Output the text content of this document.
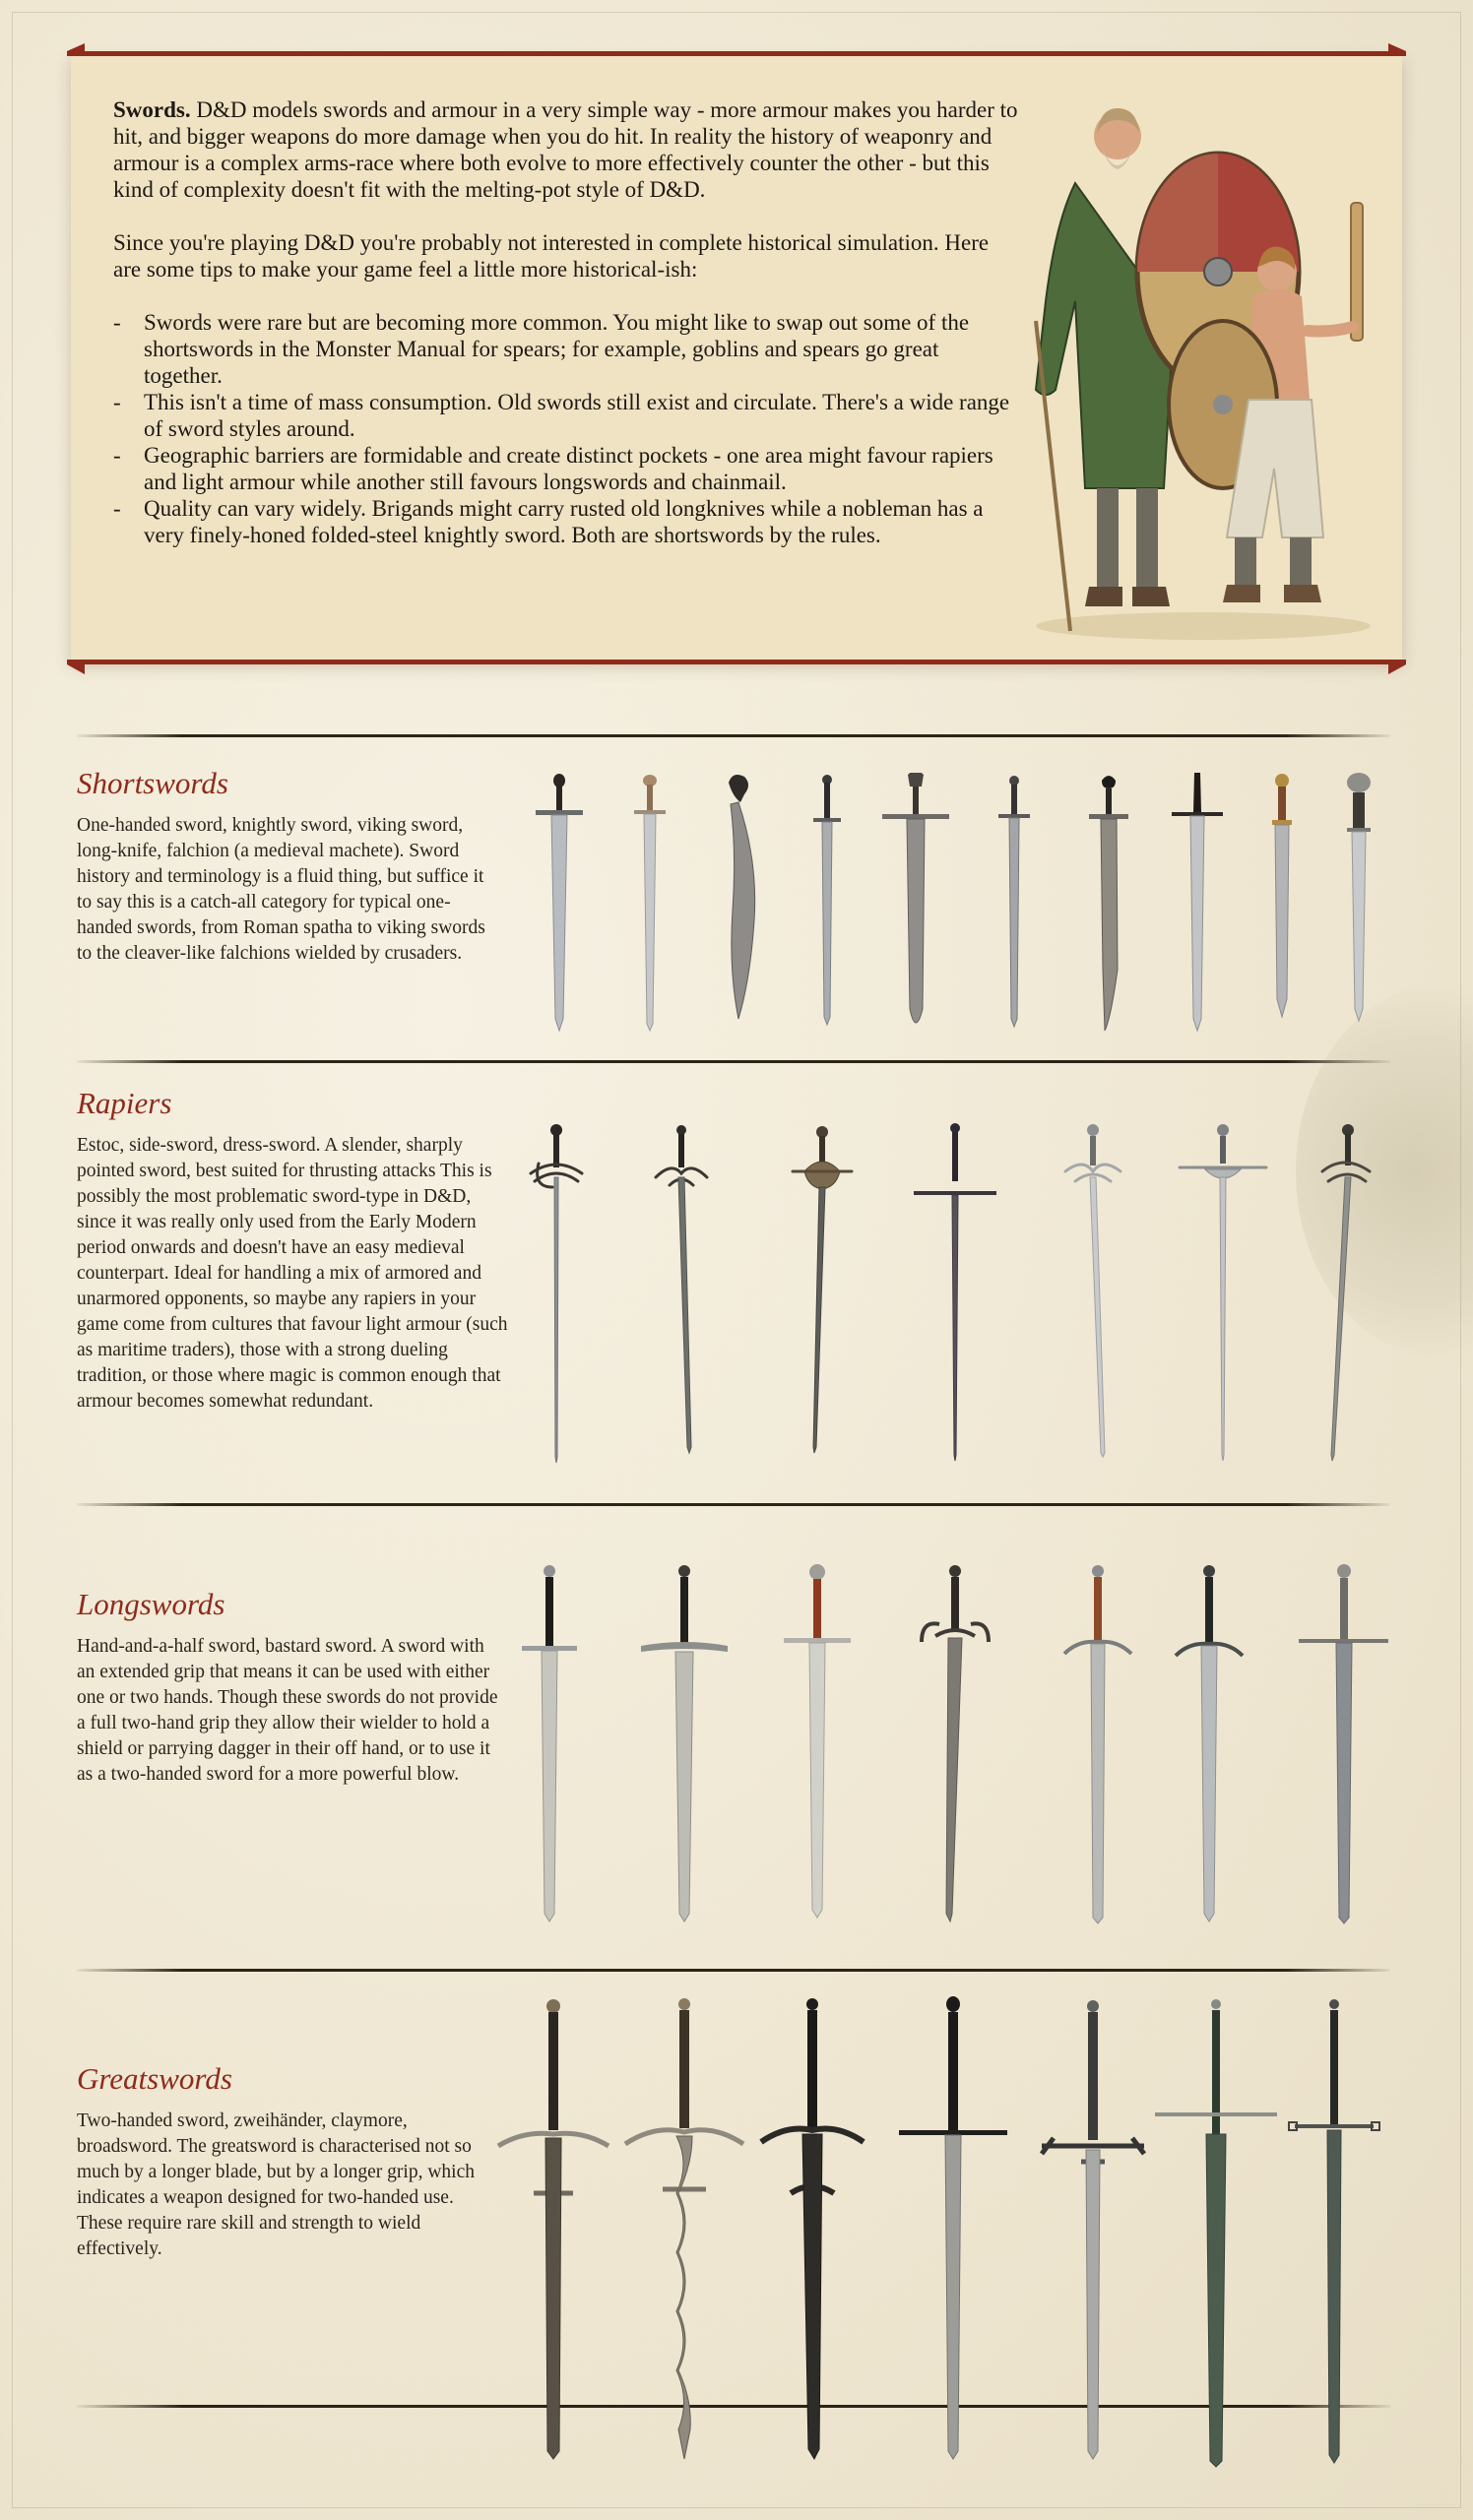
Swords. D&D models swords and armour in a very simple way - more armour makes you harder to hit, and bigger weapons do more damage when you do hit. In reality the history of weaponry and armour is a complex arms-race where both evolve to more effectively counter the other - but this kind of complexity doesn't fit with the melting-pot style of D&D.

Since you're playing D&D you're probably not interested in complete historical simulation. Here are some tips to make your game feel a little more historical-ish:

- Swords were rare but are becoming more common. You might like to swap out some of the shortswords in the Monster Manual for spears; for example, goblins and spears go great together.
- This isn't a time of mass consumption. Old swords still exist and circulate. There's a wide range of sword styles around.
- Geographic barriers are formidable and create distinct pockets - one area might favour rapiers and light armour while another still favours longswords and chainmail.
- Quality can vary widely. Brigands might carry rusted old longknives while a nobleman has a very finely-honed folded-steel knightly sword. Both are shortswords by the rules.
Shortswords
One-handed sword, knightly sword, viking sword, long-knife, falchion (a medieval machete). Sword history and terminology is a fluid thing, but suffice it to say this is a catch-all category for typical one-handed swords, from Roman spatha to viking swords to the cleaver-like falchions wielded by crusaders.
Rapiers
Estoc, side-sword, dress-sword. A slender, sharply pointed sword, best suited for thrusting attacks This is possibly the most problematic sword-type in D&D, since it was really only used from the Early Modern period onwards and doesn't have an easy medieval counterpart. Ideal for handling a mix of armored and unarmored opponents, so maybe any rapiers in your game come from cultures that favour light armour (such as maritime traders), those with a strong dueling tradition, or those where magic is common enough that armour becomes somewhat redundant.
Longswords
Hand-and-a-half sword, bastard sword. A sword with an extended grip that means it can be used with either one or two hands. Though these swords do not provide a full two-hand grip they allow their wielder to hold a shield or parrying dagger in their off hand, or to use it as a two-handed sword for a more powerful blow.
Greatswords
Two-handed sword, zweihänder, claymore, broadsword. The greatsword is characterised not so much by a longer blade, but by a longer grip, which indicates a weapon designed for two-handed use. These require rare skill and strength to wield effectively.
